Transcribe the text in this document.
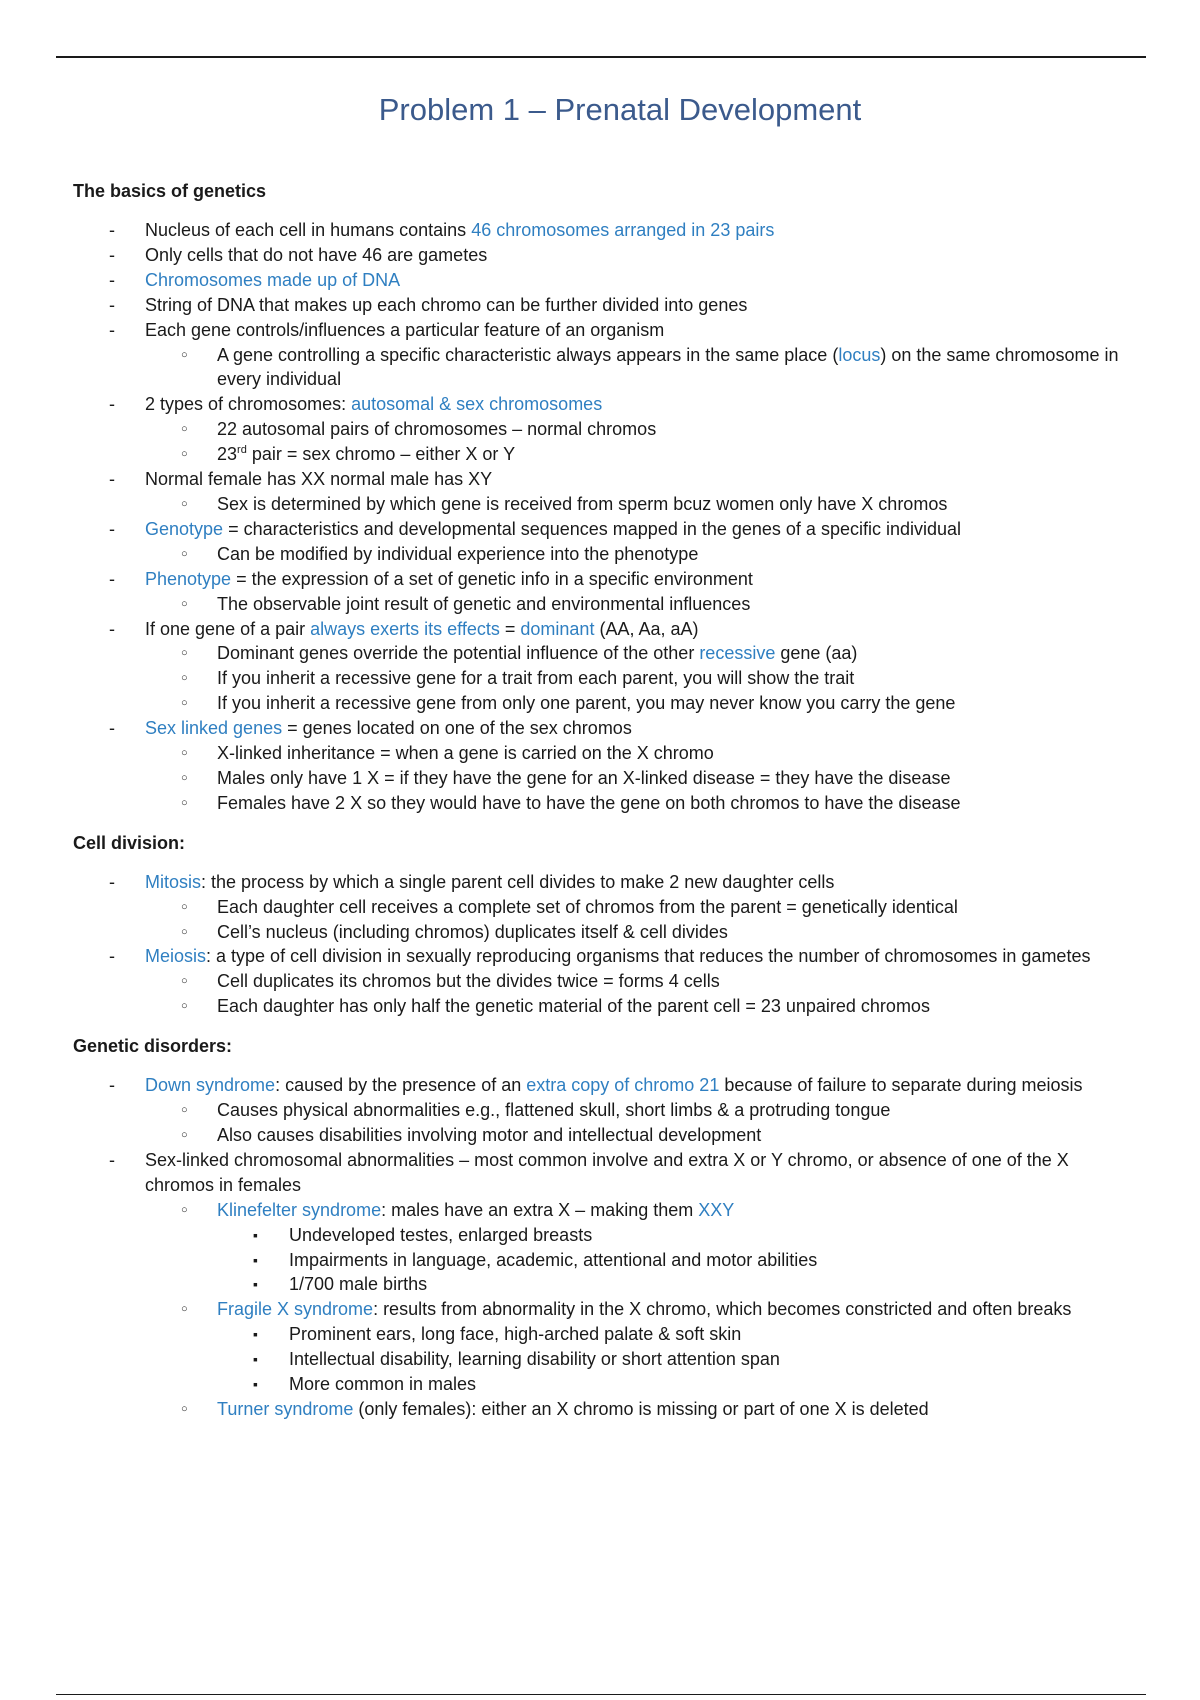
Problem 1 – Prenatal Development
The basics of genetics
- Nucleus of each cell in humans contains 46 chromosomes arranged in 23 pairs
- Only cells that do not have 46 are gametes
- Chromosomes made up of DNA
- String of DNA that makes up each chromo can be further divided into genes
- Each gene controls/influences a particular feature of an organism
○ A gene controlling a specific characteristic always appears in the same place (locus) on the same chromosome in every individual
- 2 types of chromosomes: autosomal & sex chromosomes
○ 22 autosomal pairs of chromosomes – normal chromos
○ 23rd pair = sex chromo – either X or Y
- Normal female has XX normal male has XY
○ Sex is determined by which gene is received from sperm bcuz women only have X chromos
- Genotype = characteristics and developmental sequences mapped in the genes of a specific individual
○ Can be modified by individual experience into the phenotype
- Phenotype = the expression of a set of genetic info in a specific environment
○ The observable joint result of genetic and environmental influences
- If one gene of a pair always exerts its effects = dominant (AA, Aa, aA)
○ Dominant genes override the potential influence of the other recessive gene (aa)
○ If you inherit a recessive gene for a trait from each parent, you will show the trait
○ If you inherit a recessive gene from only one parent, you may never know you carry the gene
- Sex linked genes = genes located on one of the sex chromos
○ X-linked inheritance = when a gene is carried on the X chromo
○ Males only have 1 X = if they have the gene for an X-linked disease = they have the disease
○ Females have 2 X so they would have to have the gene on both chromos to have the disease
Cell division:
- Mitosis: the process by which a single parent cell divides to make 2 new daughter cells
○ Each daughter cell receives a complete set of chromos from the parent = genetically identical
○ Cell’s nucleus (including chromos) duplicates itself & cell divides
- Meiosis: a type of cell division in sexually reproducing organisms that reduces the number of chromosomes in gametes
○ Cell duplicates its chromos but the divides twice = forms 4 cells
○ Each daughter has only half the genetic material of the parent cell = 23 unpaired chromos
Genetic disorders:
- Down syndrome: caused by the presence of an extra copy of chromo 21 because of failure to separate during meiosis
○ Causes physical abnormalities e.g., flattened skull, short limbs & a protruding tongue
○ Also causes disabilities involving motor and intellectual development
- Sex-linked chromosomal abnormalities – most common involve and extra X or Y chromo, or absence of one of the X chromos in females
○ Klinefelter syndrome: males have an extra X – making them XXY
▪ Undeveloped testes, enlarged breasts
▪ Impairments in language, academic, attentional and motor abilities
▪ 1/700 male births
○ Fragile X syndrome: results from abnormality in the X chromo, which becomes constricted and often breaks
▪ Prominent ears, long face, high-arched palate & soft skin
▪ Intellectual disability, learning disability or short attention span
▪ More common in males
○ Turner syndrome (only females): either an X chromo is missing or part of one X is deleted
